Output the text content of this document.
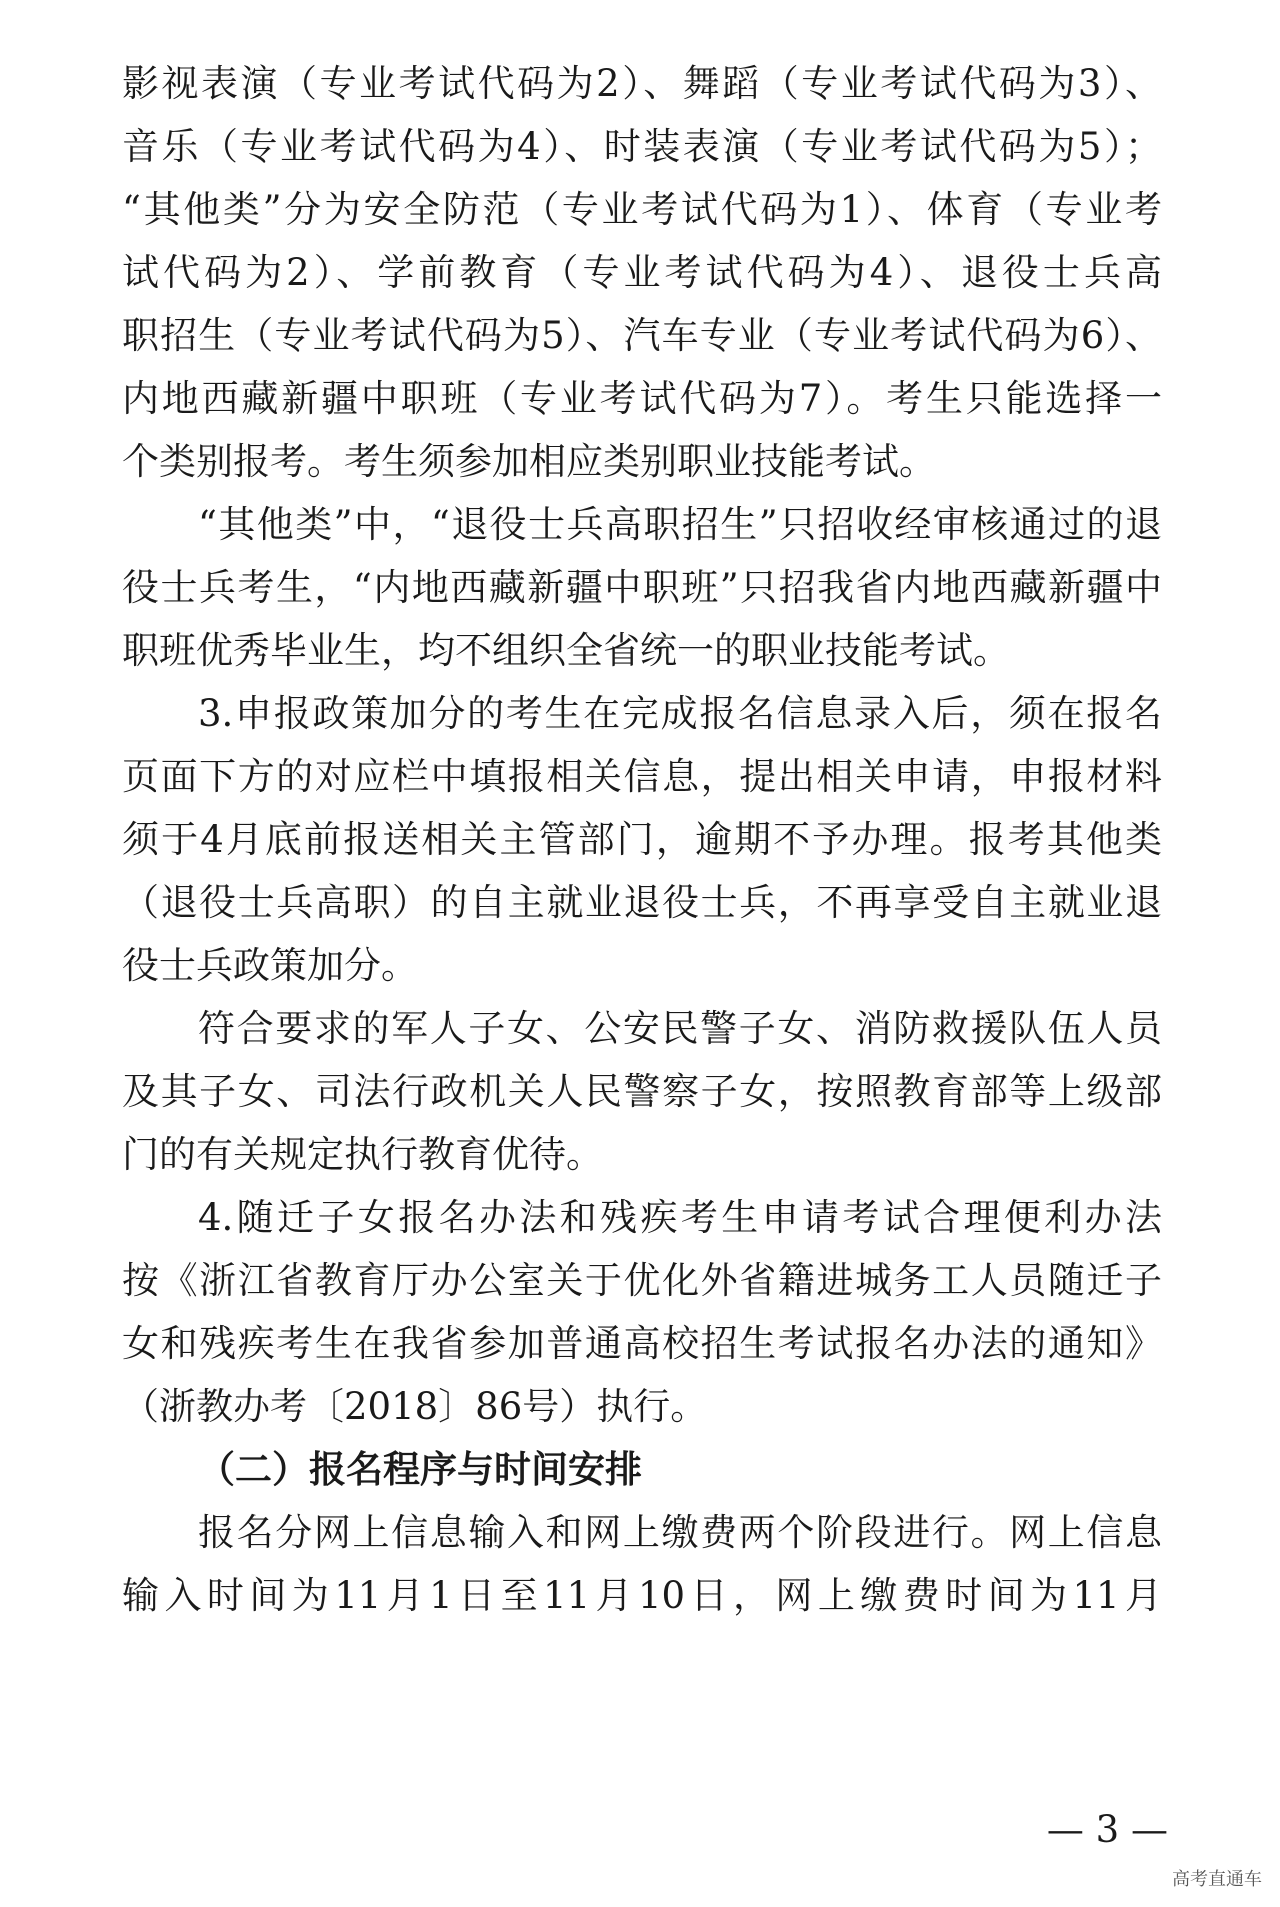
影视表演（专业考试代码为2）、舞蹈（专业考试代码为3）、
音乐（专业考试代码为4）、时装表演（专业考试代码为5）；
“其他类”分为安全防范（专业考试代码为1）、体育（专业考
试代码为2）、学前教育（专业考试代码为4）、退役士兵高
职招生（专业考试代码为5）、汽车专业（专业考试代码为6）、
内地西藏新疆中职班（专业考试代码为7）。考生只能选择一
个类别报考。考生须参加相应类别职业技能考试。
“其他类”中，“退役士兵高职招生”只招收经审核通过的退
役士兵考生，“内地西藏新疆中职班”只招我省内地西藏新疆中
职班优秀毕业生，均不组织全省统一的职业技能考试。
3.申报政策加分的考生在完成报名信息录入后，须在报名
页面下方的对应栏中填报相关信息，提出相关申请，申报材料
须于4月底前报送相关主管部门，逾期不予办理。报考其他类
（退役士兵高职）的自主就业退役士兵，不再享受自主就业退
役士兵政策加分。
符合要求的军人子女、公安民警子女、消防救援队伍人员
及其子女、司法行政机关人民警察子女，按照教育部等上级部
门的有关规定执行教育优待。
4.随迁子女报名办法和残疾考生申请考试合理便利办法
按《浙江省教育厅办公室关于优化外省籍进城务工人员随迁子
女和残疾考生在我省参加普通高校招生考试报名办法的通知》
（浙教办考〔2018〕86号）执行。
（二）报名程序与时间安排
报名分网上信息输入和网上缴费两个阶段进行。网上信息
输入时间为11月1日至11月10日，网上缴费时间为11月
— 3 —
高考直通车
